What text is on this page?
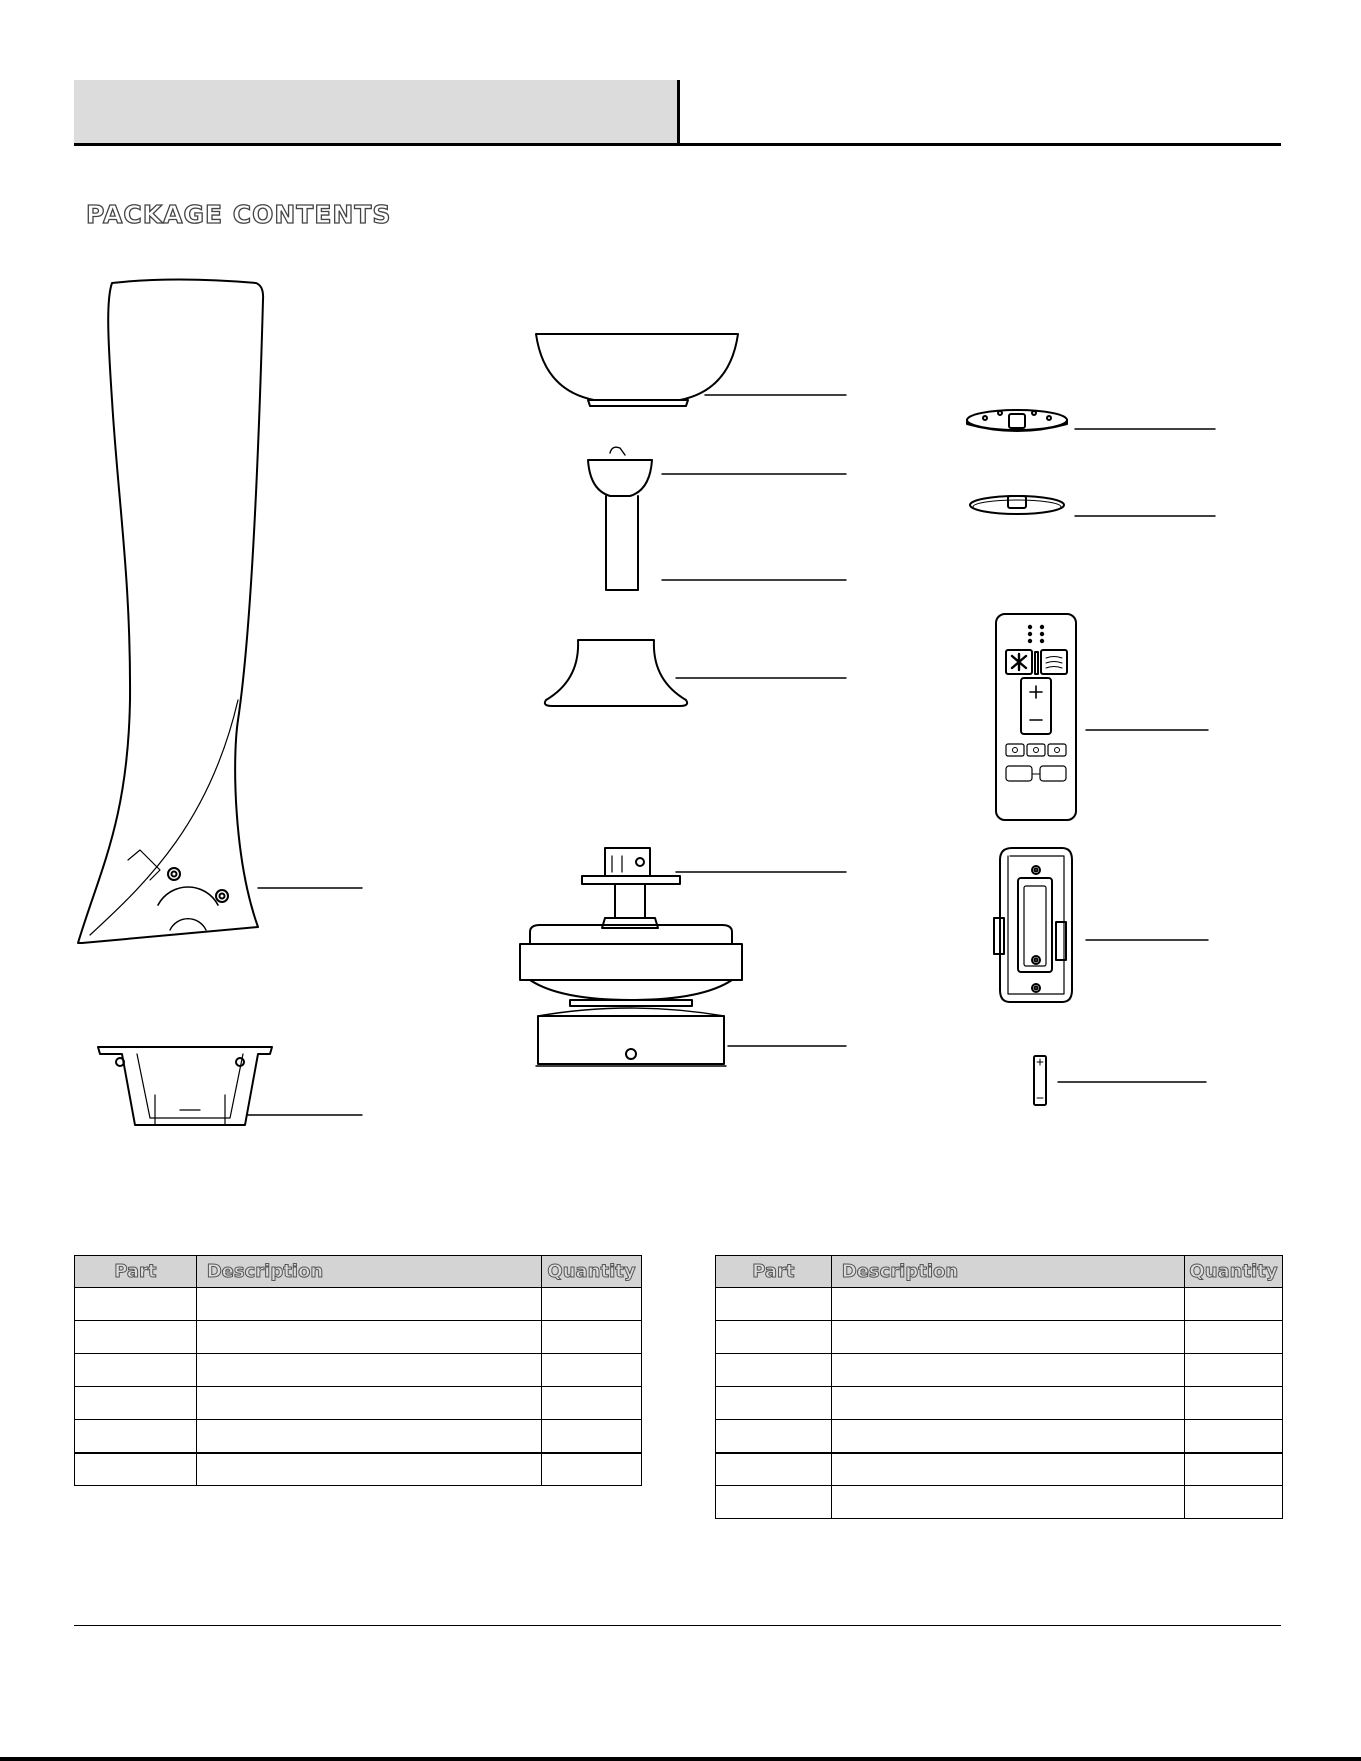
PACKAGE CONTENTS
Part	Description	Quantity

			Part	Description	Quantity
